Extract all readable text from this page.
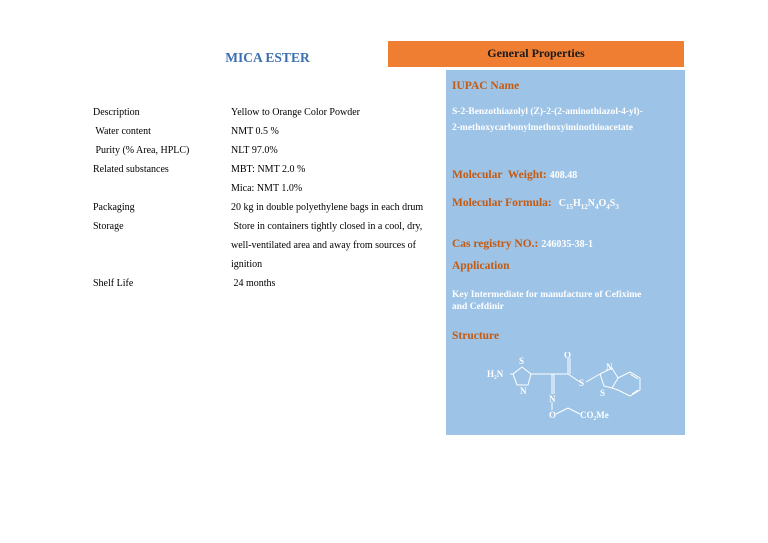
MICA ESTER
Description	Yellow to Orange Color Powder
Water content	NMT 0.5 %
Purity (% Area, HPLC)	NLT 97.0%
Related substances	MBT: NMT 2.0 %
Mica: NMT 1.0%
Packaging	20 kg in double polyethylene bags in each drum
Storage	Store in containers tightly closed in a cool, dry, well-ventilated area and away from sources of ignition
Shelf Life	24 months
General Properties
IUPAC Name
S-2-Benzothiazolyl (Z)-2-(2-aminothiazol-4-yl)-
2-methoxycarbonylmethoxyiminothioacetate
Molecular  Weight: 408.48
Molecular Formula: $C_{15}H_{12}N_4O_4S_3$
Cas registry NO.: 246035-38-1
Application
Key Intermediate for manufacture of Cefixime
and Cefdinir
Structure
H₂N
S
N
O
S
N
S
N
O	CO₂Me
